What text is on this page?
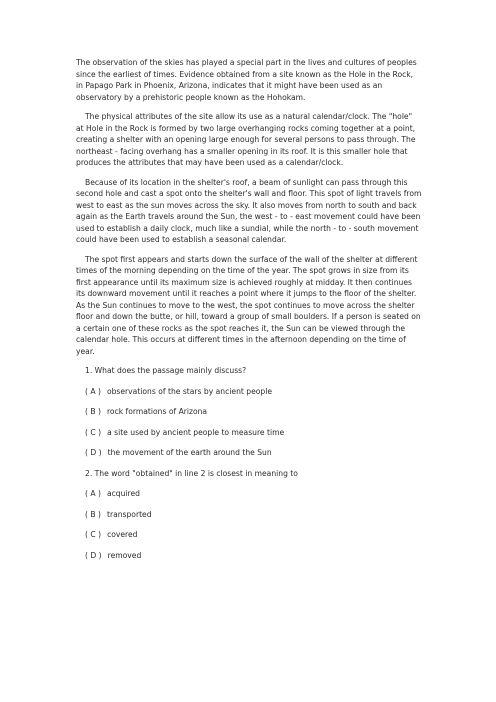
The observation of the skies has played a special part in the lives and cultures of peoples since the earliest of times. Evidence obtained from a site known as the Hole in the Rock, in Papago Park in Phoenix, Arizona, indicates that it might have been used as an observatory by a prehistoric people known as the Hohokam.

The physical attributes of the site allow its use as a natural calendar/clock. The "hole" at Hole in the Rock is formed by two large overhanging rocks coming together at a point, creating a shelter with an opening large enough for several persons to pass through. The northeast - facing overhang has a smaller opening in its roof. It is this smaller hole that produces the attributes that may have been used as a calendar/clock.

Because of its location in the shelter's roof, a beam of sunlight can pass through this second hole and cast a spot onto the shelter's wall and floor. This spot of light travels from west to east as the sun moves across the sky. It also moves from north to south and back again as the Earth travels around the Sun, the west - to - east movement could have been used to establish a daily clock, much like a sundial, while the north - to - south movement could have been used to establish a seasonal calendar.

The spot first appears and starts down the surface of the wall of the shelter at different times of the morning depending on the time of the year. The spot grows in size from its first appearance until its maximum size is achieved roughly at midday. It then continues its downward movement until it reaches a point where it jumps to the floor of the shelter. As the Sun continues to move to the west, the spot continues to move across the shelter floor and down the butte, or hill, toward a group of small boulders. If a person is seated on a certain one of these rocks as the spot reaches it, the Sun can be viewed through the calendar hole. This occurs at different times in the afternoon depending on the time of year.

1. What does the passage mainly discuss?

( A ) observations of the stars by ancient people

( B ) rock formations of Arizona

( C ) a site used by ancient people to measure time

( D ) the movement of the earth around the Sun

2. The word "obtained" in line 2 is closest in meaning to

( A ) acquired

( B ) transported

( C ) covered

( D ) removed
